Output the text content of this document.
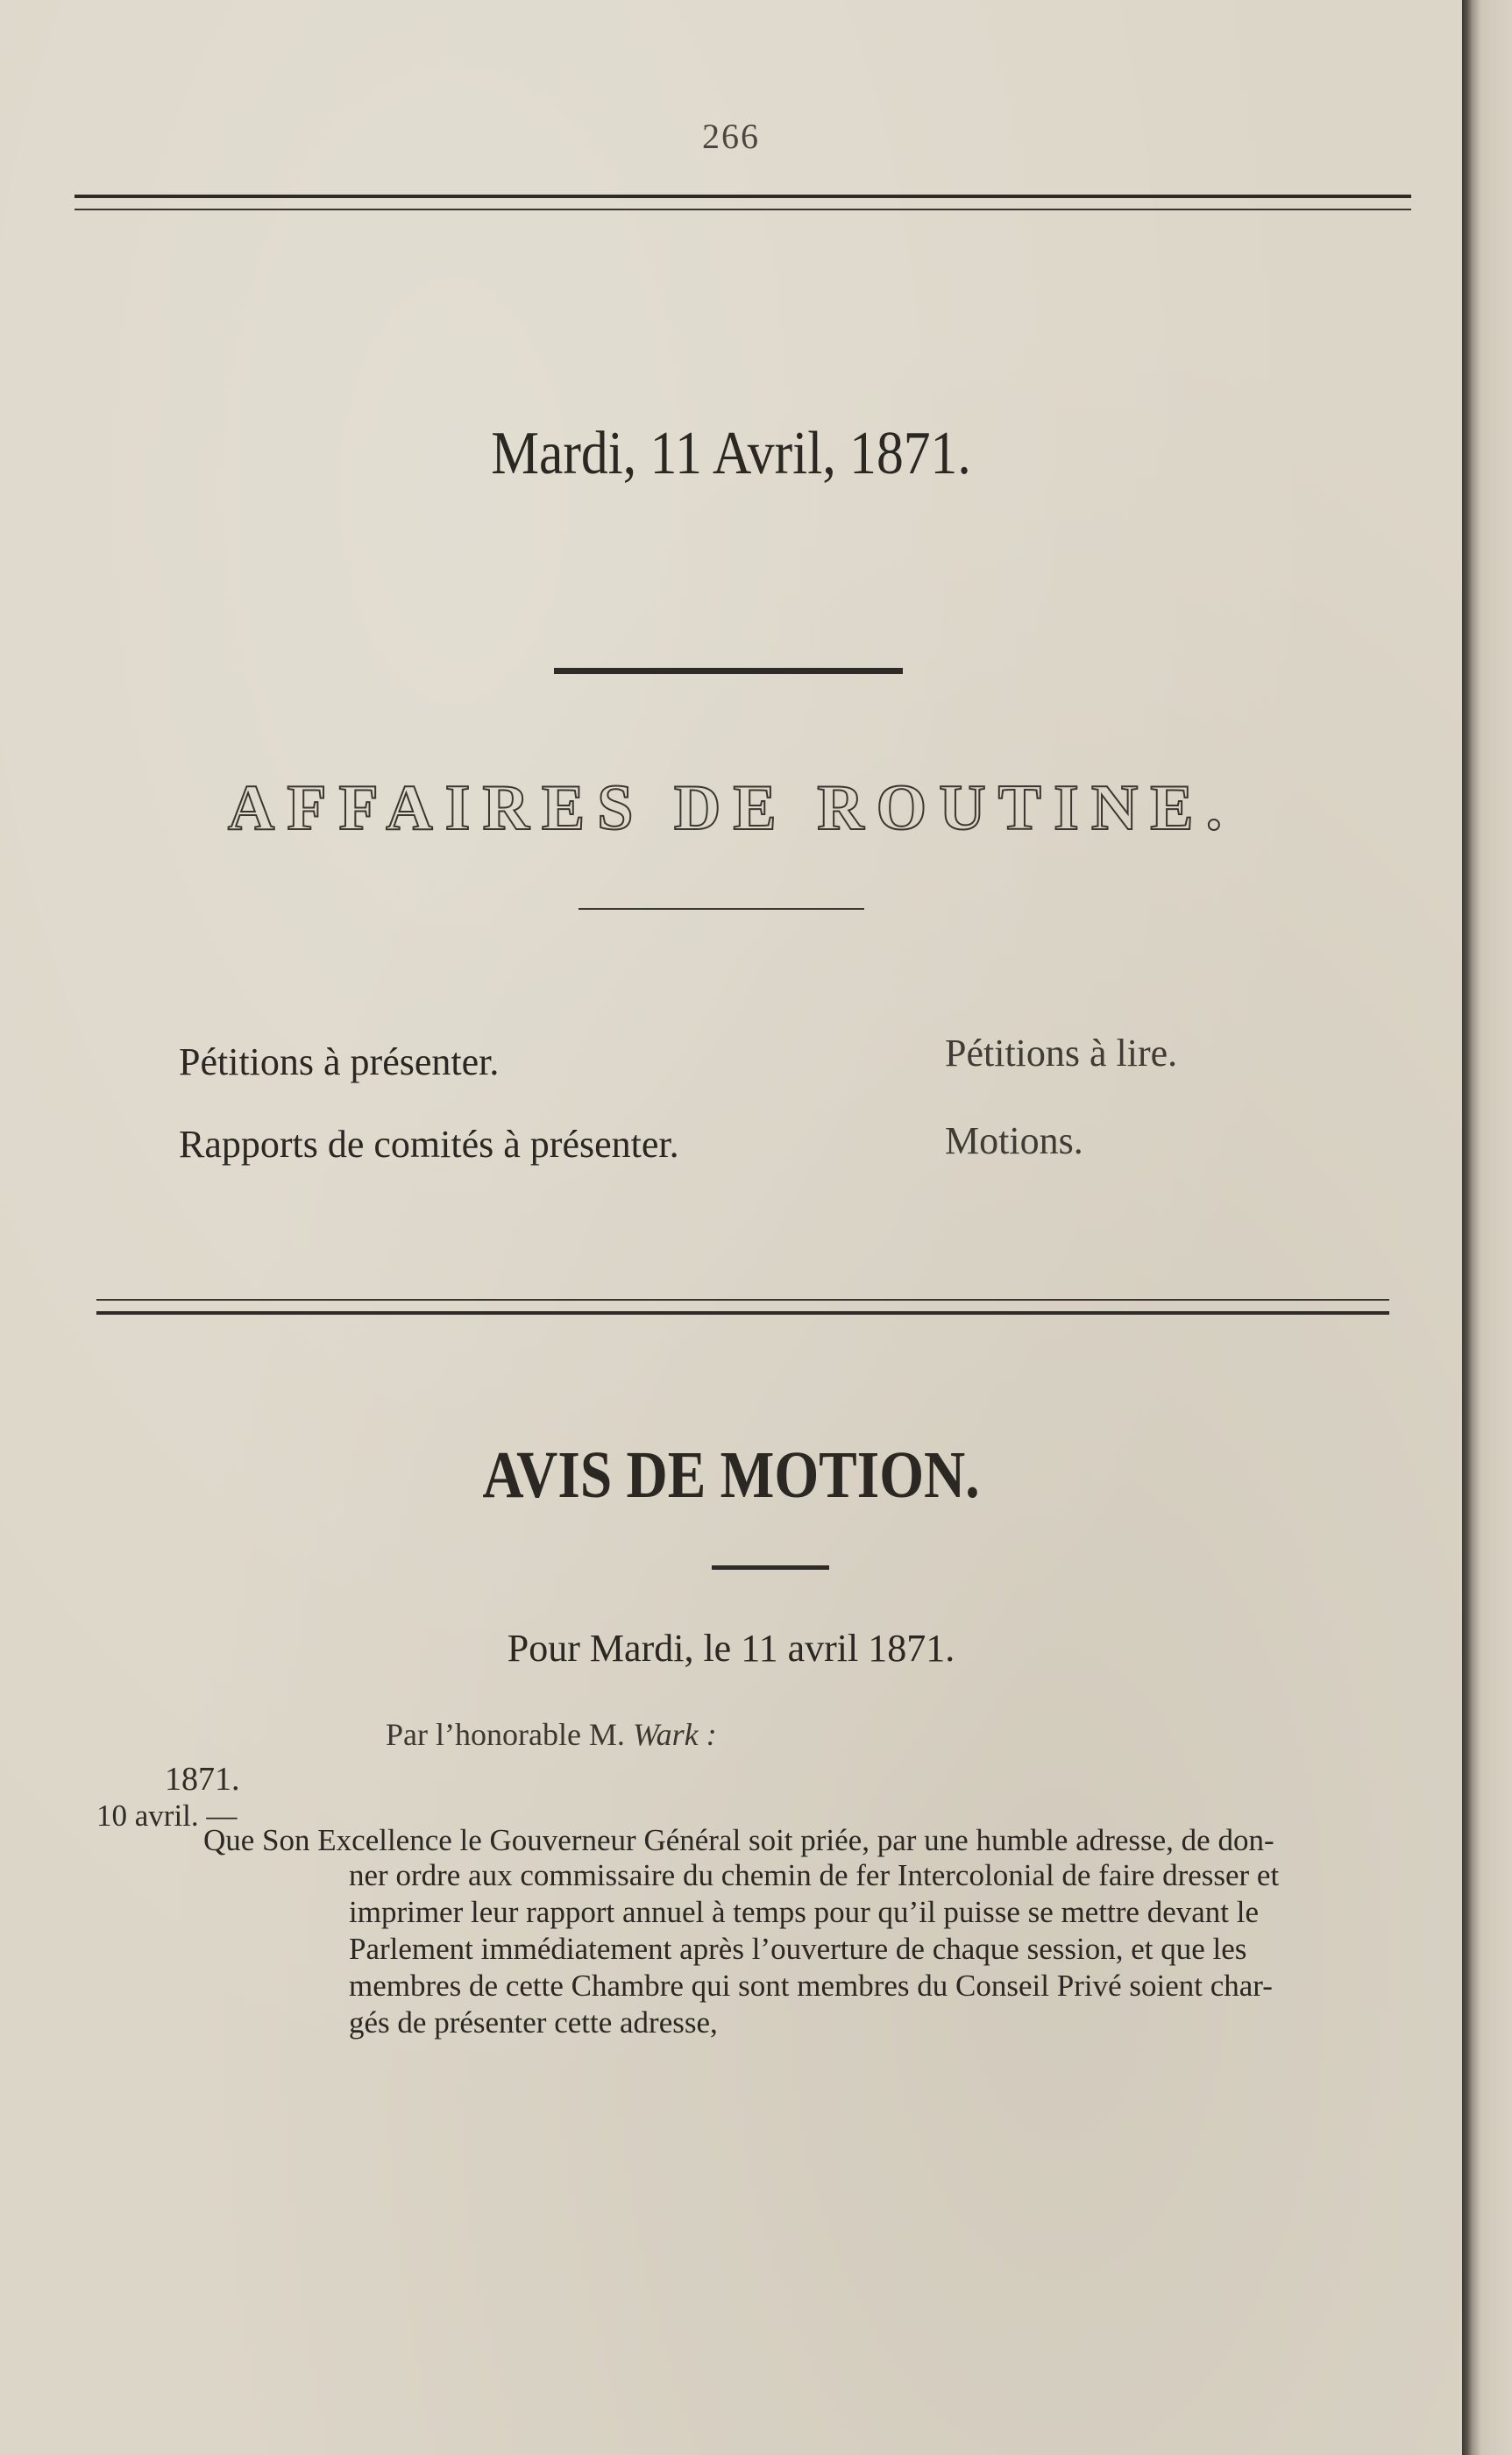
266
Mardi, 11 Avril, 1871.
AFFAIRES DE ROUTINE.
Pétitions à présenter.	Pétitions à lire.
Rapports de comités à présenter.	Motions.
AVIS DE MOTION.
Pour Mardi, le 11 avril 1871.
Par l’honorable M. Wark :
1871.
10 avril. —
Que Son Excellence le Gouverneur Général soit priée, par une humble adresse, de don-
ner ordre aux commissaire du chemin de fer Intercolonial de faire dresser et
imprimer leur rapport annuel à temps pour qu’il puisse se mettre devant le
Parlement immédiatement après l’ouverture de chaque session, et que les
membres de cette Chambre qui sont membres du Conseil Privé soient char-
gés de présenter cette adresse,
